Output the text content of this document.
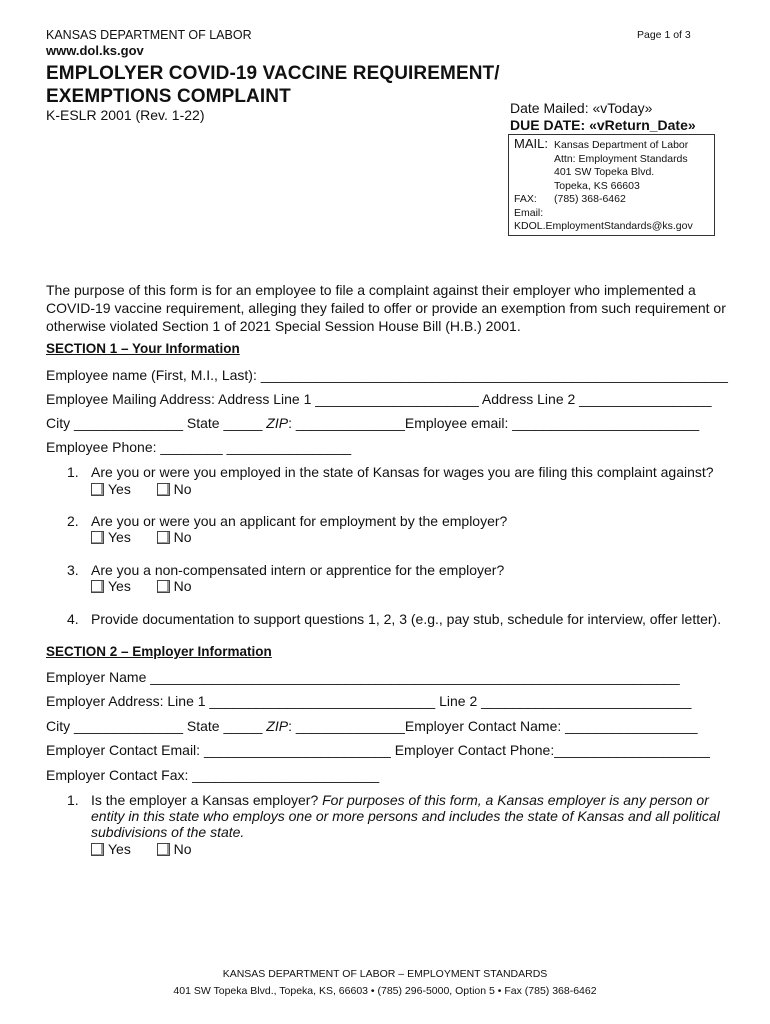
KANSAS DEPARTMENT OF LABOR
www.dol.ks.gov
Page 1 of 3
EMPLOLYER COVID-19 VACCINE REQUIREMENT/
EXEMPTIONS COMPLAINT
K-ESLR 2001 (Rev. 1-22)	Date Mailed: «vToday»
DUE DATE: «vReturn_Date»
MAIL: Kansas Department of Labor
Attn: Employment Standards
401 SW Topeka Blvd.
Topeka, KS 66603
FAX: (785) 368-6462
Email:
KDOL.EmploymentStandards@ks.gov
The purpose of this form is for an employee to file a complaint against their employer who implemented a COVID-19 vaccine requirement, alleging they failed to offer or provide an exemption from such requirement or otherwise violated Section 1 of 2021 Special Session House Bill (H.B.) 2001.
SECTION 1 – Your Information
Employee name (First, M.I., Last): ____________________________________________________________
Employee Mailing Address: Address Line 1 _____________________ Address Line 2 _________________
City ______________ State _____ ZIP: ______________Employee email: ________________________
Employee Phone: ________ ________________
1. Are you or were you employed in the state of Kansas for wages you are filing this complaint against?
Yes	No
2. Are you or were you an applicant for employment by the employer?
Yes	No
3. Are you a non-compensated intern or apprentice for the employer?
Yes	No
4. Provide documentation to support questions 1, 2, 3 (e.g., pay stub, schedule for interview, offer letter).
SECTION 2 – Employer Information
Employer Name ____________________________________________________________________
Employer Address: Line 1 _____________________________ Line 2 ___________________________
City ______________ State _____ ZIP: ______________Employer Contact Name: _________________
Employer Contact Email: ________________________ Employer Contact Phone:____________________
Employer Contact Fax: ________________________
1. Is the employer a Kansas employer? For purposes of this form, a Kansas employer is any person or
entity in this state who employs one or more persons and includes the state of Kansas and all political
subdivisions of the state.
Yes	No
KANSAS DEPARTMENT OF LABOR – EMPLOYMENT STANDARDS
401 SW Topeka Blvd., Topeka, KS, 66603 • (785) 296-5000, Option 5 • Fax (785) 368-6462
